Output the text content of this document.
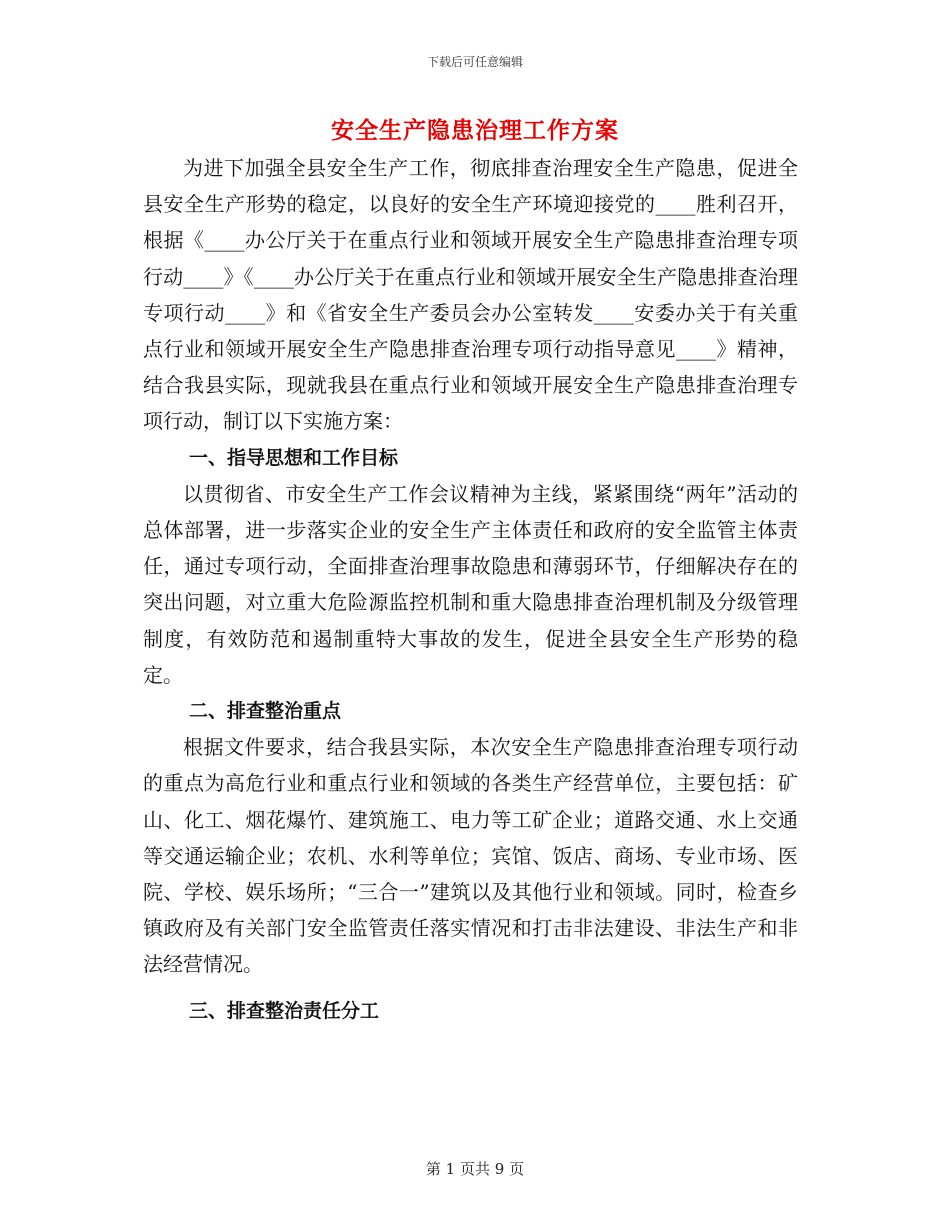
下载后可任意编辑
安全生产隐患治理工作方案

为进下加强全县安全生产工作，彻底排查治理安全生产隐患，促进全县安全生产形势的稳定，以良好的安全生产环境迎接党的____胜利召开，根据《____办公厅关于在重点行业和领域开展安全生产隐患排查治理专项行动____》《____办公厅关于在重点行业和领域开展安全生产隐患排查治理专项行动____》和《省安全生产委员会办公室转发____安委办关于有关重点行业和领域开展安全生产隐患排查治理专项行动指导意见____》精神，结合我县实际，现就我县在重点行业和领域开展安全生产隐患排查治理专项行动，制订以下实施方案：

一、指导思想和工作目标

以贯彻省、市安全生产工作会议精神为主线，紧紧围绕“两年”活动的总体部署，进一步落实企业的安全生产主体责任和政府的安全监管主体责任，通过专项行动，全面排查治理事故隐患和薄弱环节，仔细解决存在的突出问题，对立重大危险源监控机制和重大隐患排查治理机制及分级管理制度，有效防范和遏制重特大事故的发生，促进全县安全生产形势的稳定。

二、排查整治重点

根据文件要求，结合我县实际，本次安全生产隐患排查治理专项行动的重点为高危行业和重点行业和领域的各类生产经营单位，主要包括：矿山、化工、烟花爆竹、建筑施工、电力等工矿企业；道路交通、水上交通等交通运输企业；农机、水利等单位；宾馆、饭店、商场、专业市场、医院、学校、娱乐场所；“三合一”建筑以及其他行业和领域。同时，检查乡镇政府及有关部门安全监管责任落实情况和打击非法建设、非法生产和非法经营情况。

三、排查整治责任分工

第 1 页共 9 页
